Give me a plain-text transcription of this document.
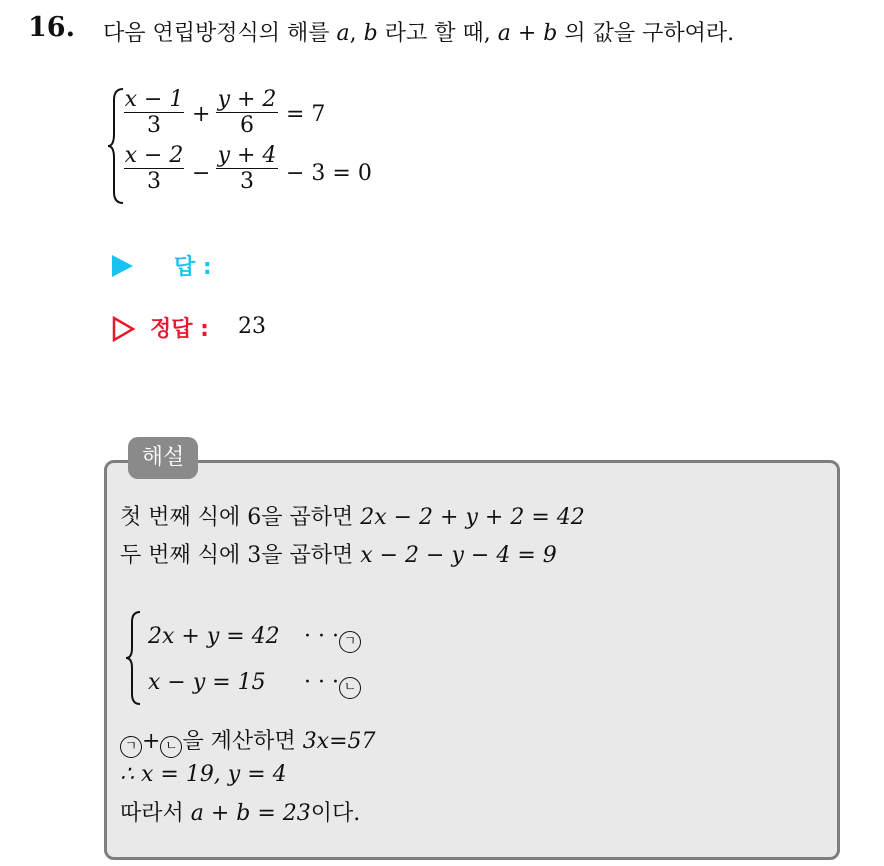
16. 다음 연립방정식의 해를 a, b 라고 할 때, a + b 의 값을 구하여라.
$\frac{x - 1}{3} + \frac{y + 2}{6} = 7$
$\frac{x - 2}{3} - \frac{y + 4}{3} - 3 = 0$
답 :
정답 : 23
해설
첫 번째 식에 6을 곱하면 2x − 2 + y + 2 = 42
두 번째 식에 3을 곱하면 x − 2 − y − 4 = 9
2x + y = 42 · · · ㄱ
x − y = 15 · · · ㄴ
ㄱ + ㄴ 을 계산하면 3x=57
∴ x = 19, y = 4
따라서 a + b = 23이다.
